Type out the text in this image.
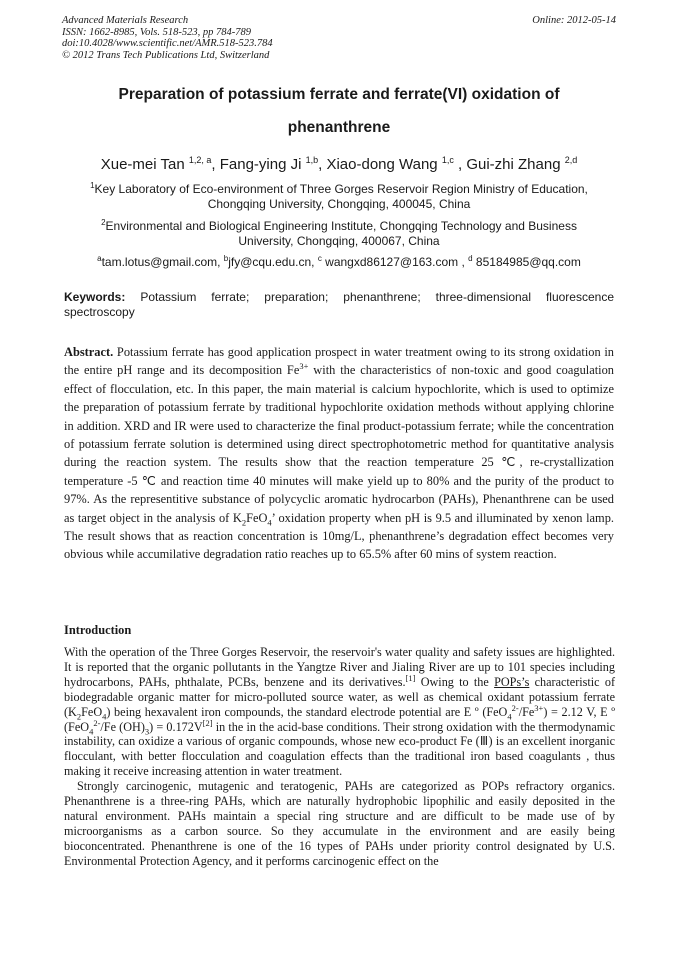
Advanced Materials Research
ISSN: 1662-8985, Vols. 518-523, pp 784-789
doi:10.4028/www.scientific.net/AMR.518-523.784
© 2012 Trans Tech Publications Ltd, Switzerland
Online: 2012-05-14
Preparation of potassium ferrate and ferrate(VI) oxidation of
phenanthrene
Xue-mei Tan $^{1,2, a}$, Fang-ying Ji $^{1,b}$, Xiao-dong Wang $^{1,c}$ , Gui-zhi Zhang $^{2,d}$
$^1$Key Laboratory of Eco-environment of Three Gorges Reservoir Region Ministry of Education,
Chongqing University, Chongqing, 400045, China
$^2$Environmental and Biological Engineering Institute, Chongqing Technology and Business
University, Chongqing, 400067, China
$^a$tam.lotus@gmail.com, $^b$jfy@cqu.edu.cn, $^c$ wangxd86127@163.com , $^d$ 85184985@qq.com
Keywords: Potassium ferrate; preparation; phenanthrene; three-dimensional fluorescence spectroscopy
Abstract. Potassium ferrate has good application prospect in water treatment owing to its strong oxidation in the entire pH range and its decomposition $Fe^{3+}$ with the characteristics of non-toxic and good coagulation effect of flocculation, etc. In this paper, the main material is calcium hypochlorite, which is used to optimize the preparation of potassium ferrate by traditional hypochlorite oxidation methods without applying chlorine in addition. XRD and IR were used to characterize the final product-potassium ferrate; while the concentration of potassium ferrate solution is determined using direct spectrophotometric method for quantitative analysis during the reaction system. The results show that the reaction temperature 25 ℃, re-crystallization temperature -5 ℃ and reaction time 40 minutes will make yield up to 80% and the purity of the product to 97%. As the representitive substance of polycyclic aromatic hydrocarbon (PAHs), Phenanthrene can be used as target object in the analysis of $K_2FeO_4$’ oxidation property when pH is 9.5 and illuminated by xenon lamp. The result shows that as reaction concentration is 10mg/L, phenanthrene’s degradation effect becomes very obvious while accumilative degradation ratio reaches up to 65.5% after 60 mins of system reaction.
Introduction

With the operation of the Three Gorges Reservoir, the reservoir's water quality and safety issues are highlighted. It is reported that the organic pollutants in the Yangtze River and Jialing River are up to 101 species including hydrocarbons, PAHs, phthalate, PCBs, benzene and its derivatives.[1] Owing to the POPs’s characteristic of biodegradable organic matter for micro-polluted source water, as well as chemical oxidant potassium ferrate $(K_2FeO_4)$ being hexavalent iron compounds, the standard electrode potential are E º $(FeO_4^{2-}/Fe^{3+}) = 2.12$ V, E º (FeO$_4^{2-}$/Fe $(OH)_3) = 0.172V[2]$ in the in the acid-base conditions. Their strong oxidation with the thermodynamic instability, can oxidize a various of organic compounds, whose new eco-product Fe (Ⅲ) is an excellent inorganic flocculant, with better flocculation and coagulation effects than the traditional iron based coagulants , thus making it receive increasing attention in water treatment.

Strongly carcinogenic, mutagenic and teratogenic, PAHs are categorized as POPs refractory organics. Phenanthrene is a three-ring PAHs, which are naturally hydrophobic lipophilic and easily deposited in the natural environment. PAHs maintain a special ring structure and are difficult to be made use of by microorganisms as a carbon source. So they accumulate in the environment and are easily being bioconcentrated. Phenanthrene is one of the 16 types of PAHs under priority control designated by U.S. Environmental Protection Agency, and it performs carcinogenic effect on the
